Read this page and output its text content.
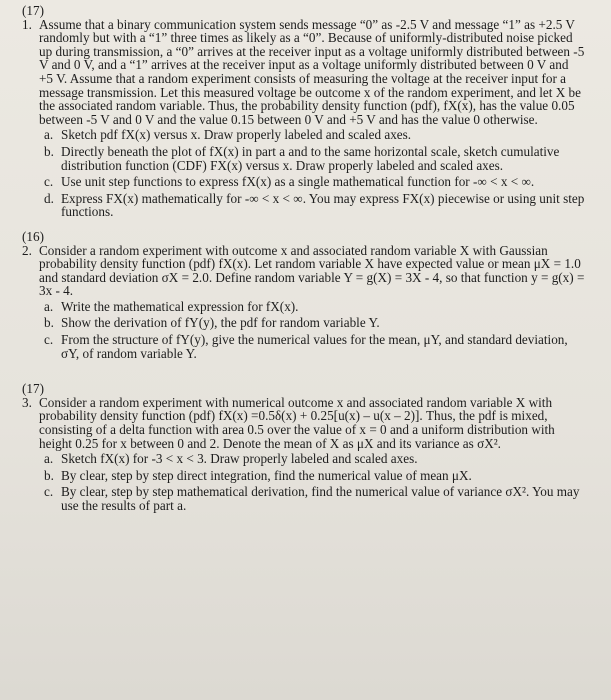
(17)
1. Assume that a binary communication system sends message “0” as -2.5 V and message “1” as +2.5 V randomly but with a “1” three times as likely as a “0”. Because of uniformly-distributed noise picked up during transmission, a “0” arrives at the receiver input as a voltage uniformly distributed between -5 V and 0 V, and a “1” arrives at the receiver input as a voltage uniformly distributed between 0 V and +5 V. Assume that a random experiment consists of measuring the voltage at the receiver input for a message transmission. Let this measured voltage be outcome x of the random experiment, and let X be the associated random variable. Thus, the probability density function (pdf), fX(x), has the value 0.05 between -5 V and 0 V and the value 0.15 between 0 V and +5 V and has the value 0 otherwise.
a. Sketch pdf fX(x) versus x. Draw properly labeled and scaled axes.
b. Directly beneath the plot of fX(x) in part a and to the same horizontal scale, sketch cumulative distribution function (CDF) FX(x) versus x. Draw properly labeled and scaled axes.
c. Use unit step functions to express fX(x) as a single mathematical function for -∞ < x < ∞.
d. Express FX(x) mathematically for -∞ < x < ∞. You may express FX(x) piecewise or using unit step functions.
(16)
2. Consider a random experiment with outcome x and associated random variable X with Gaussian probability density function (pdf) fX(x). Let random variable X have expected value or mean μX = 1.0 and standard deviation σX = 2.0. Define random variable Y = g(X) = 3X - 4, so that function y = g(x) = 3x - 4.
a. Write the mathematical expression for fX(x).
b. Show the derivation of fY(y), the pdf for random variable Y.
c. From the structure of fY(y), give the numerical values for the mean, μY, and standard deviation, σY, of random variable Y.
(17)
3. Consider a random experiment with numerical outcome x and associated random variable X with probability density function (pdf) fX(x) =0.5δ(x) + 0.25[u(x) – u(x – 2)]. Thus, the pdf is mixed, consisting of a delta function with area 0.5 over the value of x = 0 and a uniform distribution with height 0.25 for x between 0 and 2. Denote the mean of X as μX and its variance as σX².
a. Sketch fX(x) for -3 < x < 3. Draw properly labeled and scaled axes.
b. By clear, step by step direct integration, find the numerical value of mean μX.
c. By clear, step by step mathematical derivation, find the numerical value of variance σX². You may use the results of part a.
